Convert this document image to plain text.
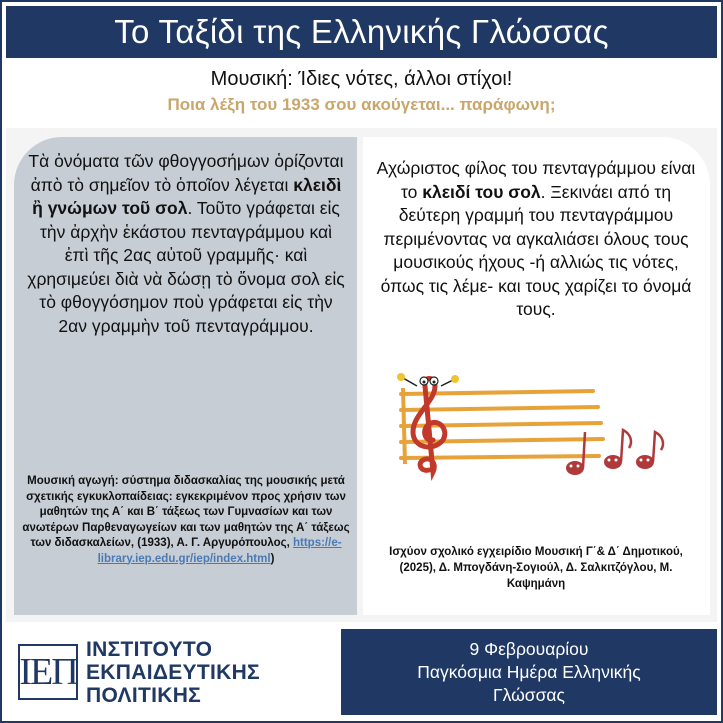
Το Ταξίδι της Ελληνικής Γλώσσας
Μουσική: Ίδιες νότες, άλλοι στίχοι!
Ποια λέξη του 1933 σου ακούγεται... παράφωνη;
Τὰ ὀνόματα τῶν φθογγοσήμων ὁρίζονται ἀπὸ τὸ σημεῖον τὸ ὁποῖον λέγεται κλειδὶ ἢ γνώμων τοῦ σολ. Τοῦτο γράφεται εἰς τὴν ἀρχὴν ἑκάστου πενταγράμμου καὶ ἐπὶ τῆς 2ας αὐτοῦ γραμμῆς· καὶ χρησιμεύει διὰ νὰ δώσῃ τὸ ὄνομα σολ εἰς τὸ φθογγόσημον ποὺ γράφεται εἰς τὴν 2αν γραμμὴν τοῦ πενταγράμμου.
Μουσική αγωγή: σύστημα διδασκαλίας της μουσικής μετά σχετικής εγκυκλοπαίδειας: εγκεκριμένον προς χρήσιν των μαθητών της Α΄ και Β΄ τάξεως των Γυμνασίων και των ανωτέρων Παρθεναγωγείων και των μαθητών της Α΄ τάξεως των διδασκαλείων, (1933), Α. Γ. Αργυρόπουλος, https://e-library.iep.edu.gr/iep/index.html)
Αχώριστος φίλος του πενταγράμμου είναι το κλειδί του σολ. Ξεκινάει από τη δεύτερη γραμμή του πενταγράμμου περιμένοντας να αγκαλιάσει όλους τους μουσικούς ήχους -ή αλλιώς τις νότες, όπως τις λέμε- και τους χαρίζει το όνομά τους.
Ισχύον σχολικό εγχειρίδιο Μουσική Γ΄& Δ΄ Δημοτικού, (2025), Δ. Μπογδάνη-Σογιούλ, Δ. Σαλκιτζόγλου, Μ. Καψημάνη
ΙΕΠ
ΙΝΣΤΙΤΟΥΤΟ
ΕΚΠΑΙΔΕΥΤΙΚΗΣ
ΠΟΛΙΤΙΚΗΣ
9 Φεβρουαρίου
Παγκόσμια Ημέρα Ελληνικής
Γλώσσας
